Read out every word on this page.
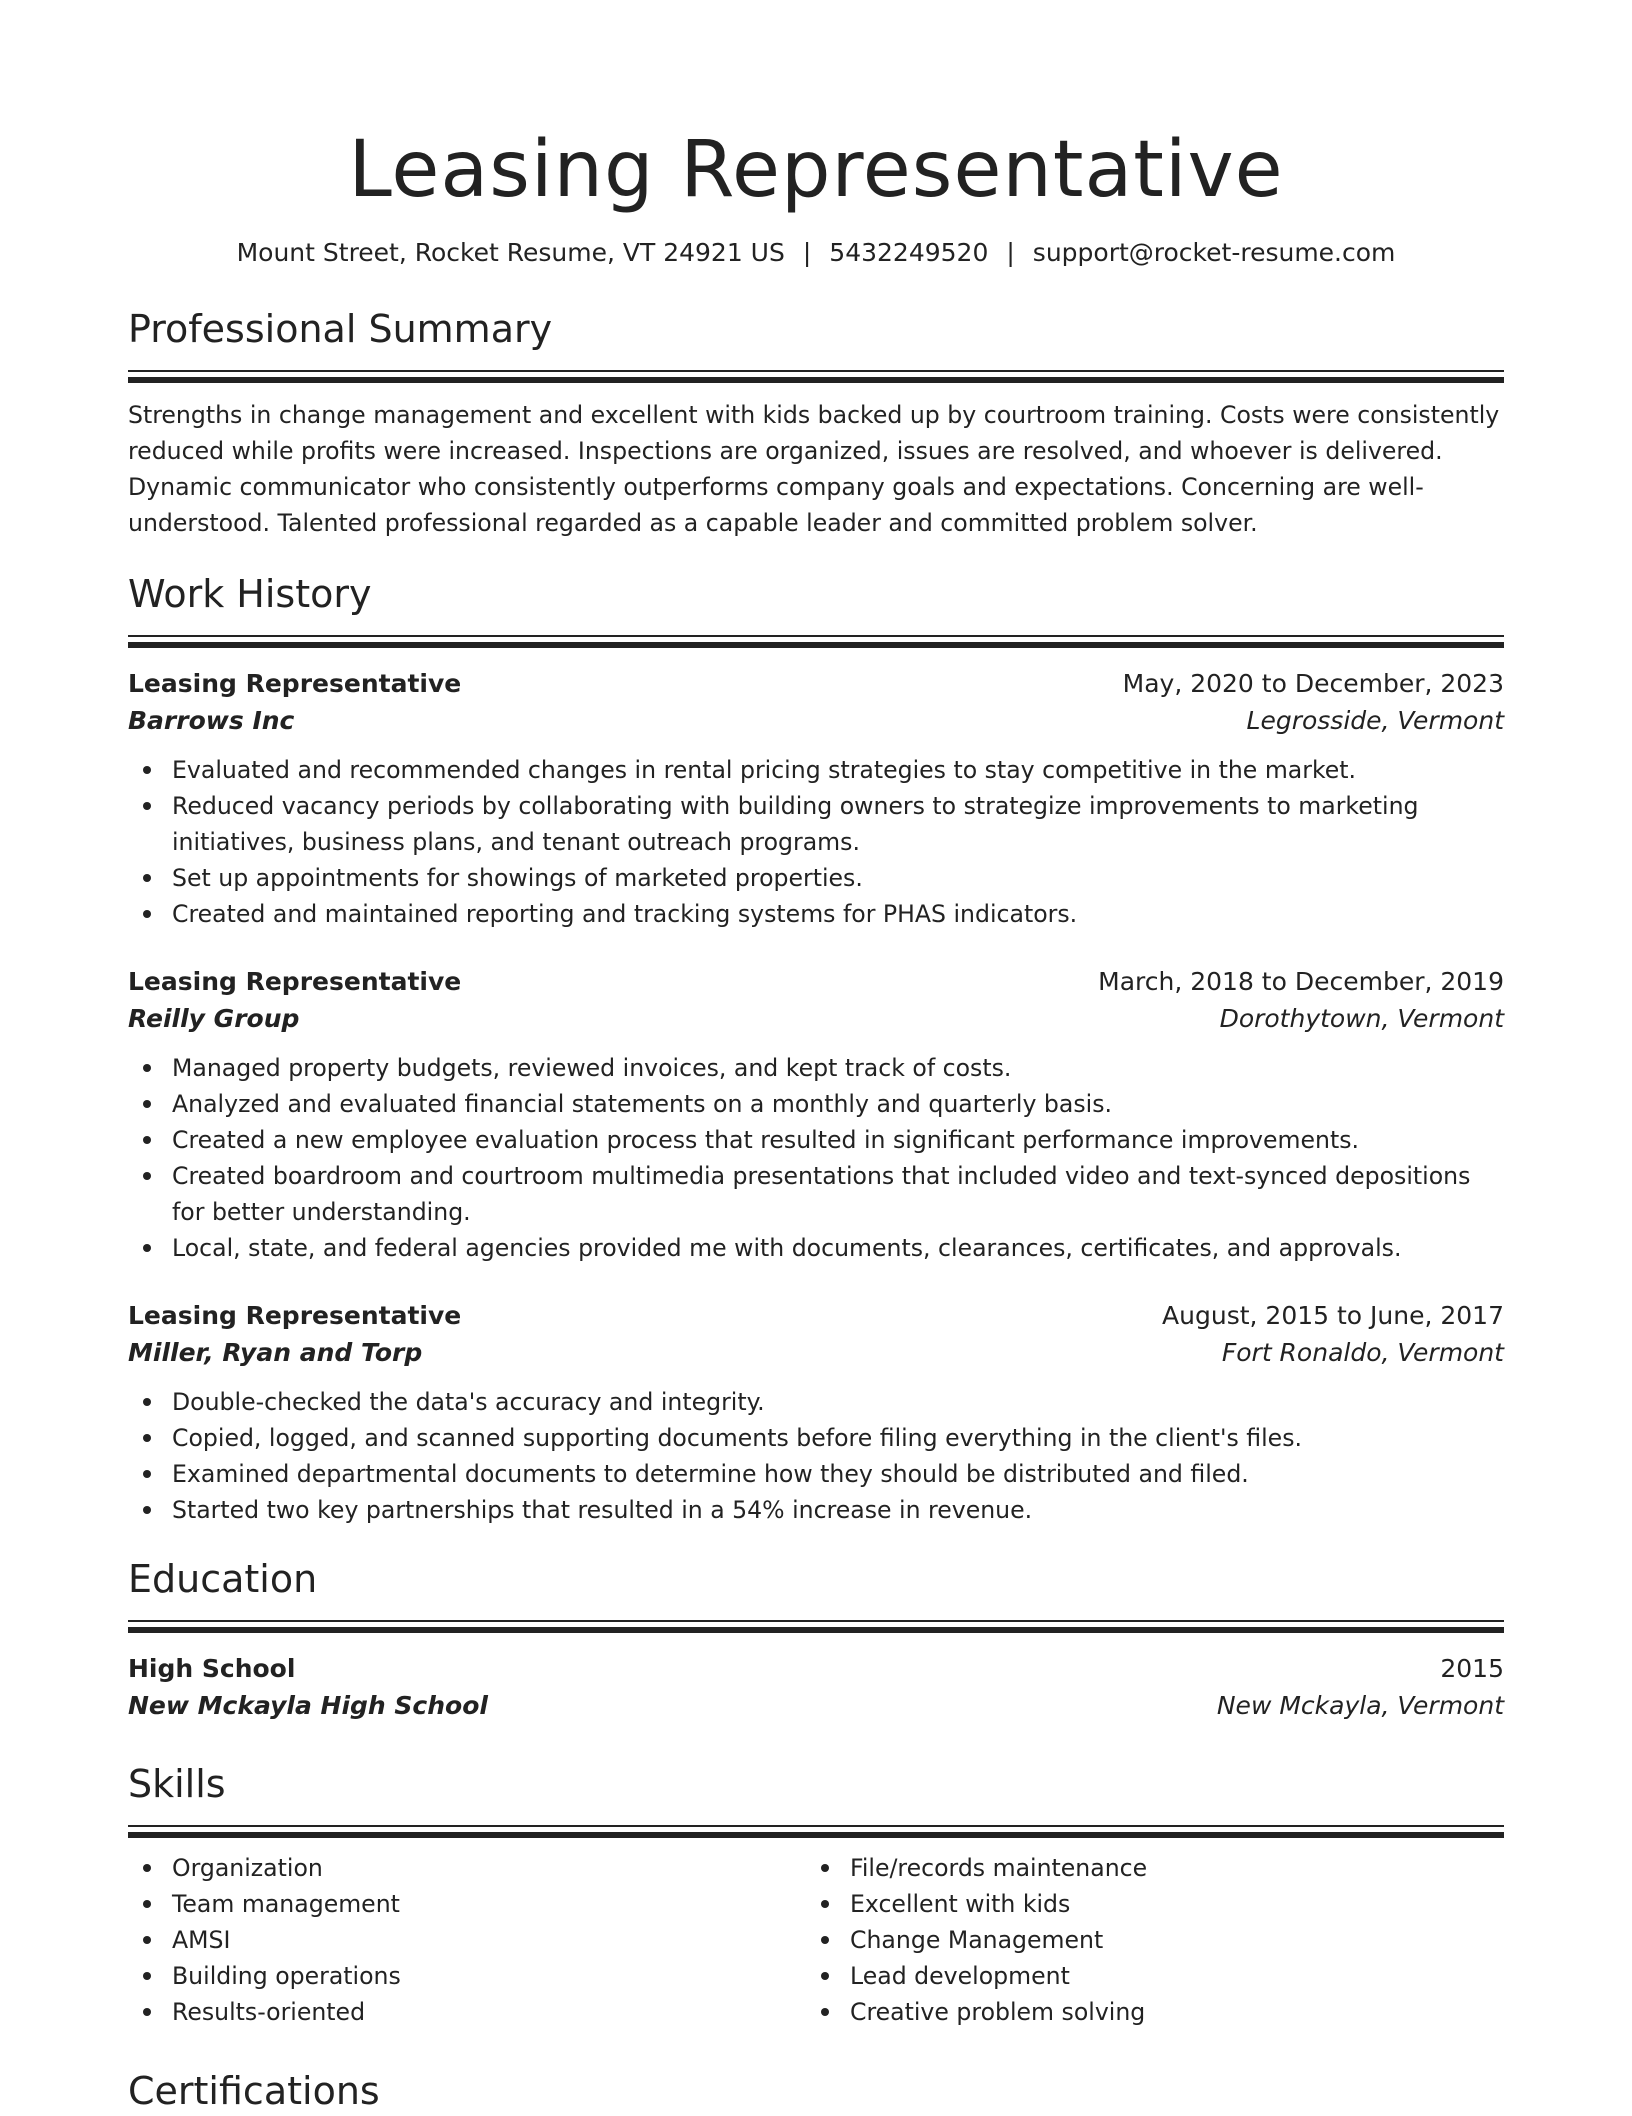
Leasing Representative
Mount Street, Rocket Resume, VT 24921 US | 5432249520 | support@rocket-resume.com
Professional Summary
Strengths in change management and excellent with kids backed up by courtroom training. Costs were consistently reduced while profits were increased. Inspections are organized, issues are resolved, and whoever is delivered. Dynamic communicator who consistently outperforms company goals and expectations. Concerning are well-understood. Talented professional regarded as a capable leader and committed problem solver.
Work History
Leasing Representative	May, 2020 to December, 2023
Barrows Inc	Legrosside, Vermont
Evaluated and recommended changes in rental pricing strategies to stay competitive in the market.
Reduced vacancy periods by collaborating with building owners to strategize improvements to marketing initiatives, business plans, and tenant outreach programs.
Set up appointments for showings of marketed properties.
Created and maintained reporting and tracking systems for PHAS indicators.
Leasing Representative	March, 2018 to December, 2019
Reilly Group	Dorothytown, Vermont
Managed property budgets, reviewed invoices, and kept track of costs.
Analyzed and evaluated financial statements on a monthly and quarterly basis.
Created a new employee evaluation process that resulted in significant performance improvements.
Created boardroom and courtroom multimedia presentations that included video and text-synced depositions for better understanding.
Local, state, and federal agencies provided me with documents, clearances, certificates, and approvals.
Leasing Representative	August, 2015 to June, 2017
Miller, Ryan and Torp	Fort Ronaldo, Vermont
Double-checked the data's accuracy and integrity.
Copied, logged, and scanned supporting documents before filing everything in the client's files.
Examined departmental documents to determine how they should be distributed and filed.
Started two key partnerships that resulted in a 54% increase in revenue.
Education
High School	2015
New Mckayla High School	New Mckayla, Vermont
Skills
Organization
Team management
AMSI
Building operations
Results-oriented
File/records maintenance
Excellent with kids
Change Management
Lead development
Creative problem solving
Certifications
